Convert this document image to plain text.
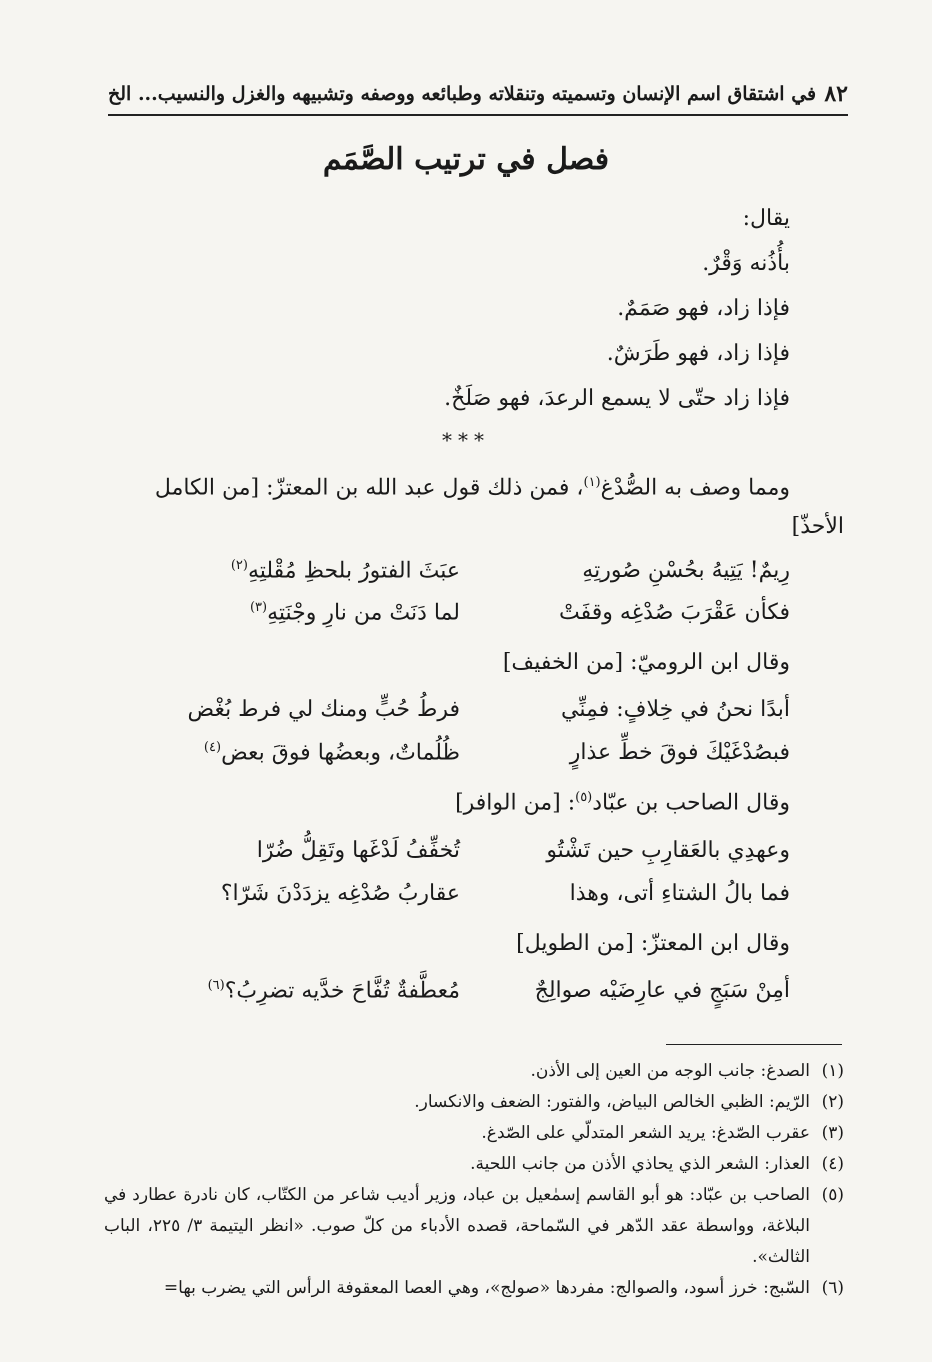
٨٢
في اشتقاق اسم الإنسان وتسميته وتنقلاته وطبائعه ووصفه وتشبيهه والغزل والنسيب... الخ
فصل في ترتيب الصَّمَم
يقال:
بأُذُنه وَقْرٌ.
فإذا زاد، فهو صَمَمٌ.
فإذا زاد، فهو طَرَشٌ.
فإذا زاد حتّى لا يسمع الرعدَ، فهو صَلَخٌ.
***
ومما وصف به الصُّدْغ$^{(١)}$، فمن ذلك قول عبد الله بن المعتزّ: [من الكامل
الأحذّ]
رِيمٌ! يَتِيهُ بحُسْنِ صُورتِهِ
عبَثَ الفتورُ بلحظِ مُقْلتِهِ$^{(٢)}$
فكأن عَقْرَبَ صُدْغِه وقفَتْ
لما دَنَتْ من نارِ وجْنَتِهِ$^{(٣)}$
وقال ابن الروميّ: [من الخفيف]
أبدًا نحنُ في خِلافٍ: فمِنِّي
فرطُ حُبٍّ ومنك لي فرط بُغْض
فبصُدْغَيْكَ فوقَ خطِّ عذارٍ
ظُلُماتٌ، وبعضُها فوقَ بعض$^{(٤)}$
وقال الصاحب بن عبّاد$^{(٥)}$: [من الوافر]
وعهدِي بالعَقارِبِ حين تَشْتُو
تُخفِّفُ لَدْغَها وتَقِلُّ ضُرّا
فما بالُ الشتاءِ أتى، وهذا
عقاربُ صُدْغِه يزدَدْنَ شَرّا؟
وقال ابن المعتزّ: [من الطويل]
أمِنْ سَبَجٍ في عارِضَيْه صوالِجٌ
مُعطَّفةٌ تُفَّاحَ خدَّيه تضرِبُ؟$^{(٦)}$
(١)
الصدغ: جانب الوجه من العين إلى الأذن.
(٢)
الرّيم: الظبي الخالص البياض، والفتور: الضعف والانكسار.
(٣)
عقرب الصّدغ: يريد الشعر المتدلّي على الصّدغ.
(٤)
العذار: الشعر الذي يحاذي الأذن من جانب اللحية.
(٥)
الصاحب بن عبّاد: هو أبو القاسم إسمٰعيل بن عباد، وزير أديب شاعر من الكتّاب، كان نادرة عطارد في البلاغة، وواسطة عقد الدّهر في السّماحة، قصده الأدباء من كلّ صوب. «انظر اليتيمة ٣/ ٢٢٥، الباب الثالث».
(٦)
السّبج: خرز أسود، والصوالج: مفردها «صولج»، وهي العصا المعقوفة الرأس التي يضرب بها=
